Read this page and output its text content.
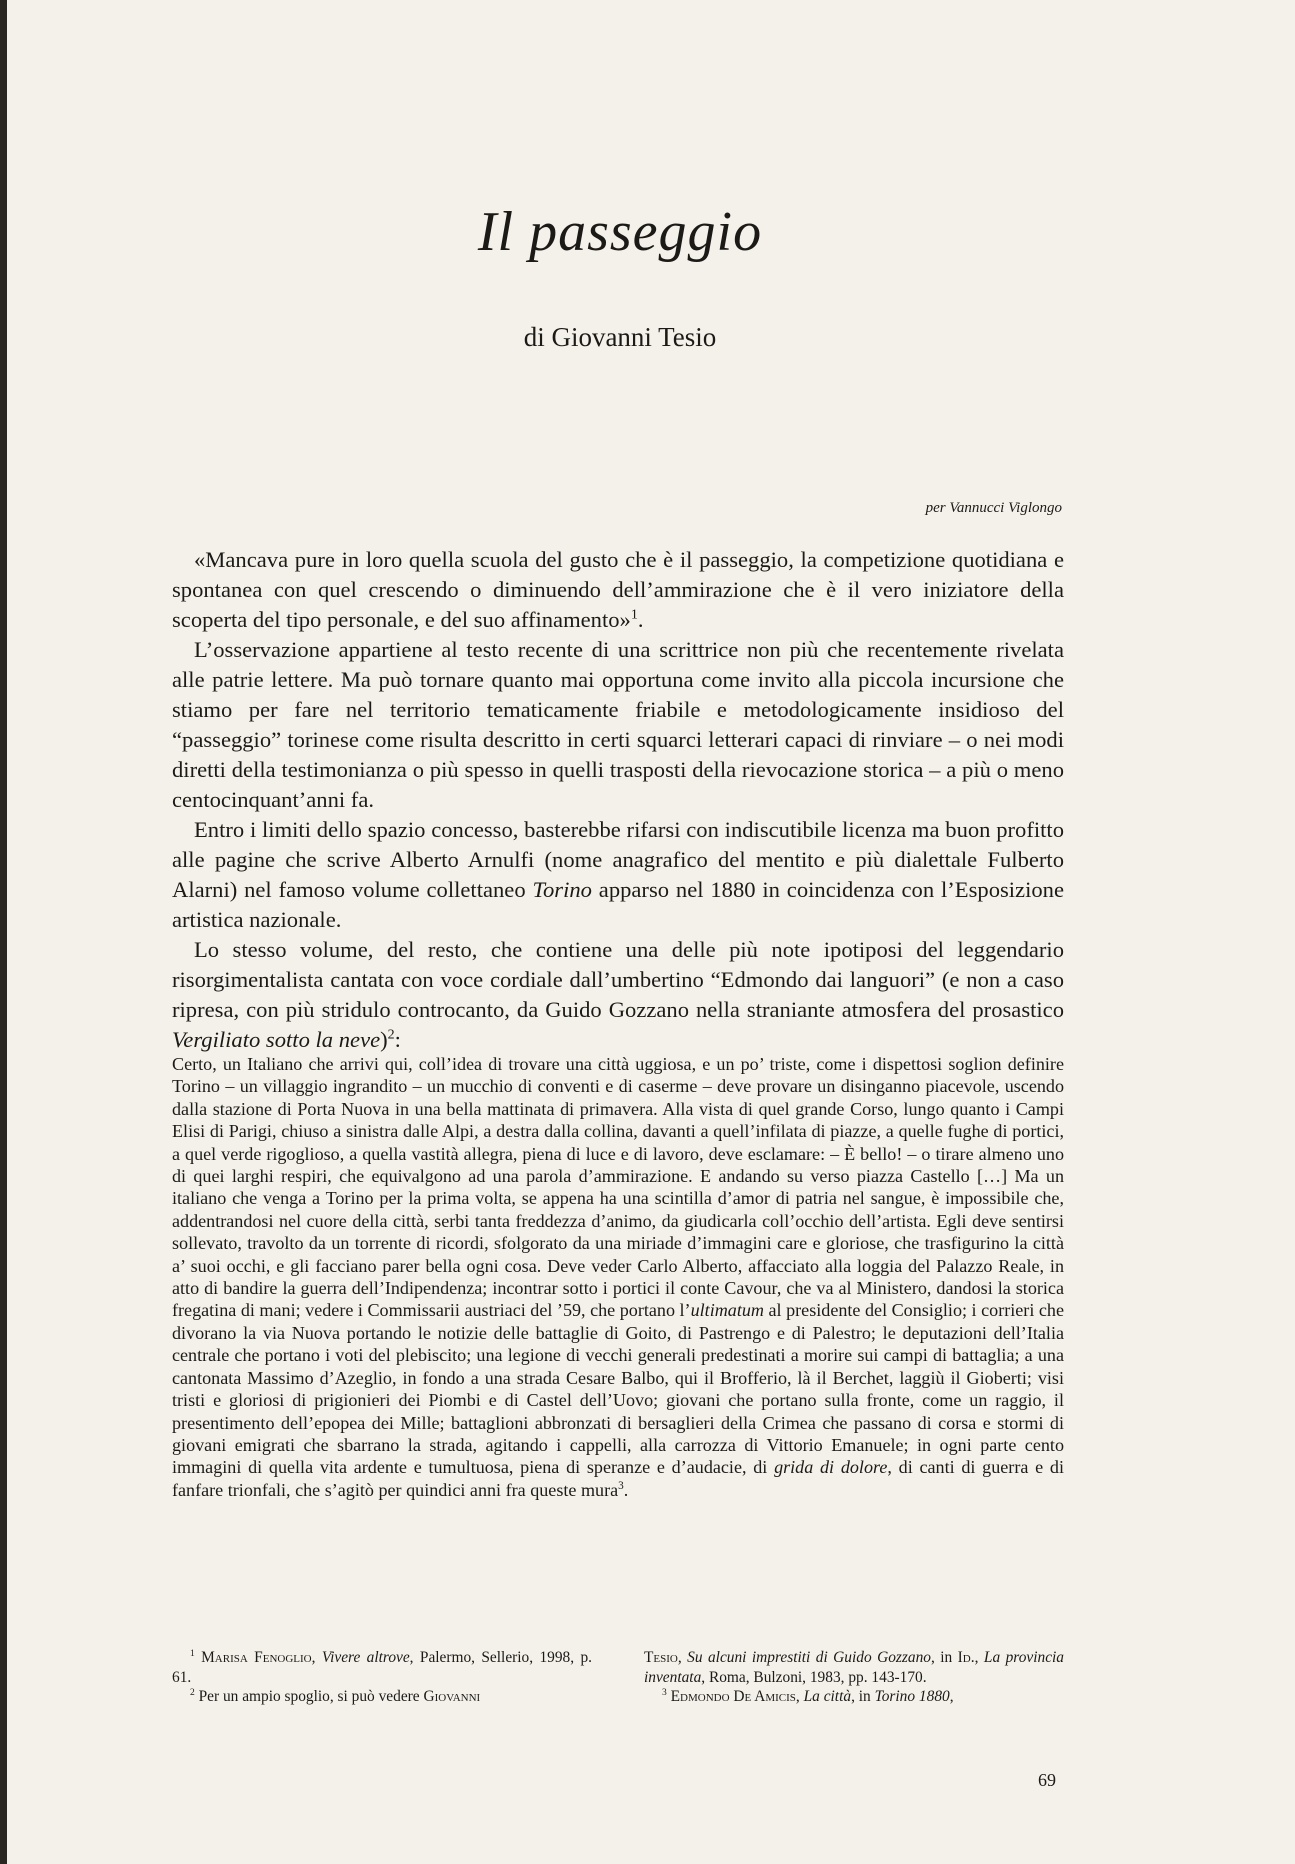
Il passeggio
di Giovanni Tesio
per Vannucci Viglongo

«Mancava pure in loro quella scuola del gusto che è il passeggio, la competizione quotidiana e spontanea con quel crescendo o diminuendo dell’ammirazione che è il vero iniziatore della scoperta del tipo personale, e del suo affinamento»$^1$.

L’osservazione appartiene al testo recente di una scrittrice non più che recentemente rivelata alle patrie lettere. Ma può tornare quanto mai opportuna come invito alla piccola incursione che stiamo per fare nel territorio tematicamente friabile e metodologicamente insidioso del “passeggio” torinese come risulta descritto in certi squarci letterari capaci di rinviare – o nei modi diretti della testimonianza o più spesso in quelli trasposti della rievocazione storica – a più o meno centocinquant’anni fa.

Entro i limiti dello spazio concesso, basterebbe rifarsi con indiscutibile licenza ma buon profitto alle pagine che scrive Alberto Arnulfi (nome anagrafico del mentito e più dialettale Fulberto Alarni) nel famoso volume collettaneo Torino apparso nel 1880 in coincidenza con l’Esposizione artistica nazionale.

Lo stesso volume, del resto, che contiene una delle più note ipotiposi del leggendario risorgimentalista cantata con voce cordiale dall’umbertino “Edmondo dai languori” (e non a caso ripresa, con più stridulo controcanto, da Guido Gozzano nella straniante atmosfera del prosastico Vergiliato sotto la neve)$^2$:

Certo, un Italiano che arrivi qui, coll’idea di trovare una città uggiosa, e un po’ triste, come i dispettosi soglion definire Torino – un villaggio ingrandito – un mucchio di conventi e di caserme – deve provare un disinganno piacevole, uscendo dalla stazione di Porta Nuova in una bella mattinata di primavera. Alla vista di quel grande Corso, lungo quanto i Campi Elisi di Parigi, chiuso a sinistra dalle Alpi, a destra dalla collina, davanti a quell’infilata di piazze, a quelle fughe di portici, a quel verde rigoglioso, a quella vastità allegra, piena di luce e di lavoro, deve esclamare: – È bello! – o tirare almeno uno di quei larghi respiri, che equivalgono ad una parola d’ammirazione. E andando su verso piazza Castello […] Ma un italiano che venga a Torino per la prima volta, se appena ha una scintilla d’amor di patria nel sangue, è impossibile che, addentrandosi nel cuore della città, serbi tanta freddezza d’animo, da giudicarla coll’occhio dell’artista. Egli deve sentirsi sollevato, travolto da un torrente di ricordi, sfolgorato da una miriade d’immagini care e gloriose, che trasfigurino la città a’ suoi occhi, e gli facciano parer bella ogni cosa. Deve veder Carlo Alberto, affacciato alla loggia del Palazzo Reale, in atto di bandire la guerra dell’Indipendenza; incontrar sotto i portici il conte Cavour, che va al Ministero, dandosi la storica fregatina di mani; vedere i Commissarii austriaci del ’59, che portano l’ultimatum al presidente del Consiglio; i corrieri che divorano la via Nuova portando le notizie delle battaglie di Goito, di Pastrengo e di Palestro; le deputazioni dell’Italia centrale che portano i voti del plebiscito; una legione di vecchi generali predestinati a morire sui campi di battaglia; a una cantonata Massimo d’Azeglio, in fondo a una strada Cesare Balbo, qui il Brofferio, là il Berchet, laggiù il Gioberti; visi tristi e gloriosi di prigionieri dei Piombi e di Castel dell’Uovo; giovani che portano sulla fronte, come un raggio, il presentimento dell’epopea dei Mille; battaglioni abbronzati di bersaglieri della Crimea che passano di corsa e stormi di giovani emigrati che sbarrano la strada, agitando i cappelli, alla carrozza di Vittorio Emanuele; in ogni parte cento immagini di quella vita ardente e tumultuosa, piena di speranze e d’audacie, di grida di dolore, di canti di guerra e di fanfare trionfali, che s’agitò per quindici anni fra queste mura$^3$.

$^1$ Marisa Fenoglio, Vivere altrove, Palermo, Sellerio, 1998, p. 61.

$^2$ Per un ampio spoglio, si può vedere Giovanni

Tesio, Su alcuni imprestiti di Guido Gozzano, in Id., La provincia inventata, Roma, Bulzoni, 1983, pp. 143-170.

$^3$ Edmondo De Amicis, La città, in Torino 1880,

69
